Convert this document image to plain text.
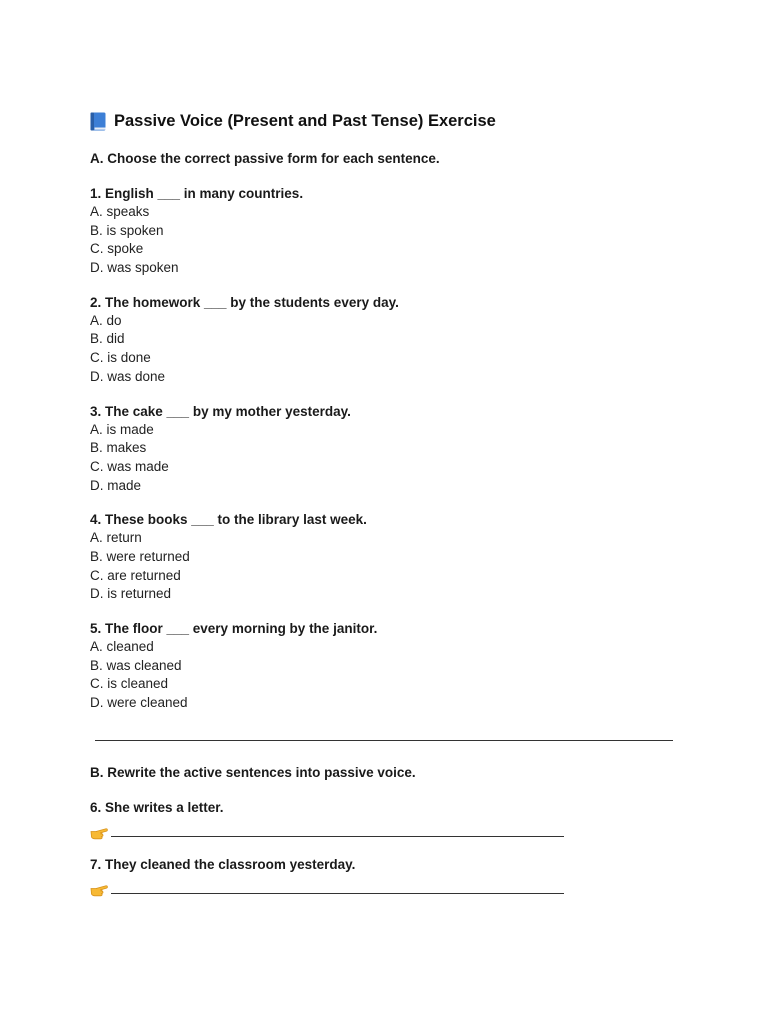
Passive Voice (Present and Past Tense) Exercise
A. Choose the correct passive form for each sentence.
1. English ___ in many countries.
A. speaks
B. is spoken
C. spoke
D. was spoken
2. The homework ___ by the students every day.
A. do
B. did
C. is done
D. was done
3. The cake ___ by my mother yesterday.
A. is made
B. makes
C. was made
D. made
4. These books ___ to the library last week.
A. return
B. were returned
C. are returned
D. is returned
5. The floor ___ every morning by the janitor.
A. cleaned
B. was cleaned
C. is cleaned
D. were cleaned
B. Rewrite the active sentences into passive voice.
6. She writes a letter.
7. They cleaned the classroom yesterday.
